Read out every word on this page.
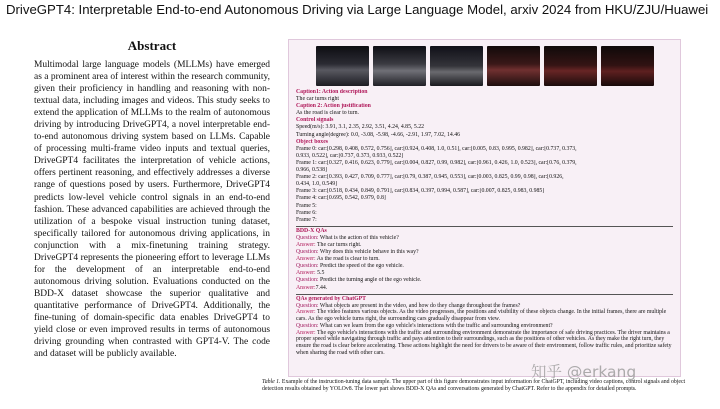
DriveGPT4: Interpretable End-to-end Autonomous Driving via Large Language Model, arxiv 2024 from HKU/ZJU/Huawei
Abstract

Multimodal large language models (MLLMs) have emerged as a prominent area of interest within the research community, given their proficiency in handling and reasoning with non-textual data, including images and videos. This study seeks to extend the application of MLLMs to the realm of autonomous driving by introducing DriveGPT4, a novel interpretable end-to-end autonomous driving system based on LLMs. Capable of processing multi-frame video inputs and textual queries, DriveGPT4 facilitates the interpretation of vehicle actions, offers pertinent reasoning, and effectively addresses a diverse range of questions posed by users. Furthermore, DriveGPT4 predicts low-level vehicle control signals in an end-to-end fashion. These advanced capabilities are achieved through the utilization of a bespoke visual instruction tuning dataset, specifically tailored for autonomous driving applications, in conjunction with a mix-finetuning training strategy. DriveGPT4 represents the pioneering effort to leverage LLMs for the development of an interpretable end-to-end autonomous driving solution. Evaluations conducted on the BDD-X dataset showcase the superior qualitative and quantitative performance of DriveGPT4. Additionally, the fine-tuning of domain-specific data enables DriveGPT4 to yield close or even improved results in terms of autonomous driving grounding when contrasted with GPT4-V. The code and dataset will be publicly available.

Caption1: Action description
The car turns right
Caption 2: Action justification
As the road is clear to turn.
Control signals
Speed(m/s): 3.91, 3.1, 2.35, 2.92, 3.51, 4.24, 4.85, 5.22
Turning angle(degree): 0.0, -3.08, -5.98, -4.66, -2.91, 1.97, 7.02, 14.46
Object boxes
Frame 0: car:[0.298, 0.408, 0.572, 0.756], car:[0.924, 0.408, 1.0, 0.51], car:[0.005, 0.83, 0.995, 0.982], car:[0.737, 0.373,
0.933, 0.522], car:[0.737, 0.373, 0.933, 0.522]
Frame 1: car:[0.327, 0.416, 0.623, 0.779], car:[0.004, 0.827, 0.99, 0.982], car:[0.961, 0.426, 1.0, 0.523], car:[0.76, 0.379,
0.966, 0.538]
Frame 2: car:[0.393, 0.427, 0.709, 0.777], car:[0.79, 0.387, 0.945, 0.553], car:[0.003, 0.825, 0.99, 0.98], car:[0.926,
0.434, 1.0, 0.549]
Frame 3: car:[0.518, 0.434, 0.849, 0.791], car:[0.834, 0.397, 0.994, 0.587], car:[0.007, 0.825, 0.983, 0.985]
Frame 4: car:[0.695, 0.542, 0.979, 0.8]
Frame 5:
Frame 6:
Frame 7:
BDD-X QAs
Question: What is the action of this vehicle?
Answer: The car turns right.
Question: Why does this vehicle behave in this way?
Answer: As the road is clear to turn.
Question: Predict the speed of the ego vehicle.
Answer: 5.5
Question: Predict the turning angle of the ego vehicle.
Answer:7.44.
QAs generated by ChatGPT
Question: What objects are present in the video, and how do they change throughout the frames?
Answer: The video features various objects. As the video progresses, the positions and visibility of these objects change. In the initial frames, there are multiple cars. As the ego vehicle turns right, the surrounding cars gradually disappear from view.
Question: What can we learn from the ego vehicle's interactions with the traffic and surrounding environment?
Answer: The ego vehicle's interactions with the traffic and surrounding environment demonstrate the importance of safe driving practices. The driver maintains a proper speed while navigating through traffic and pays attention to their surroundings, such as the positions of other vehicles. As they make the right turn, they ensure the road is clear before accelerating. These actions highlight the need for drivers to be aware of their environment, follow traffic rules, and prioritize safety when sharing the road with other cars.
Table 1. Example of the instruction-tuning data sample. The upper part of this figure demonstrates input information for ChatGPT, including video captions, control signals and object detection results obtained by YOLOv8. The lower part shows BDD-X QAs and conversations generated by ChatGPT. Refer to the appendix for detailed prompts.
知乎 @erkang
